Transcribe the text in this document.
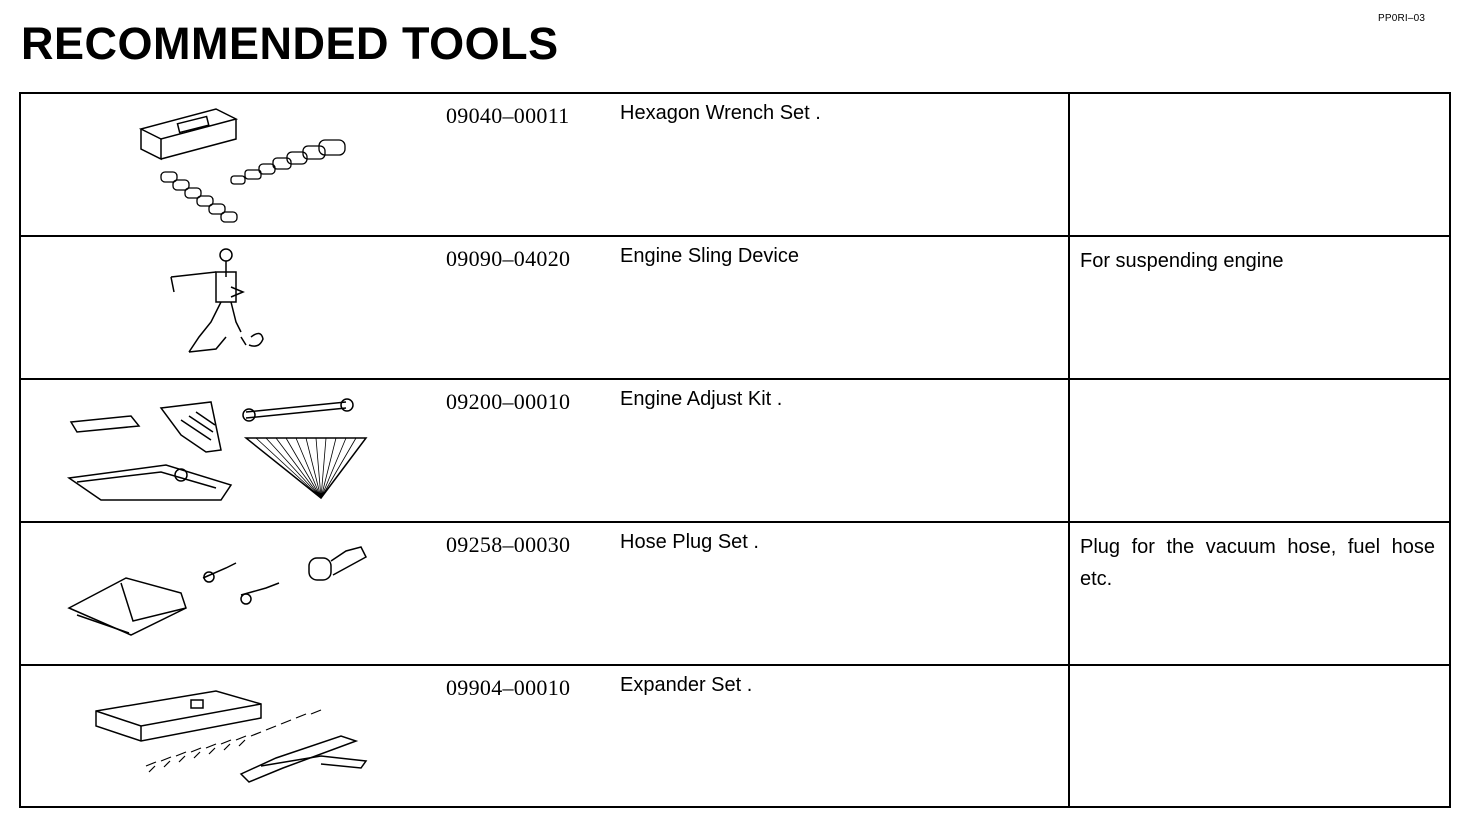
PP0RI–03
RECOMMENDED TOOLS
09040–00011	Hexagon Wrench Set .
09090–04020 Engine Sling Device	For suspending engine
09200–00010 Engine Adjust Kit .
09258–00030 Hose Plug Set .	Plug for the vacuum hose, fuel hose etc.
09904–00010 Expander Set .
